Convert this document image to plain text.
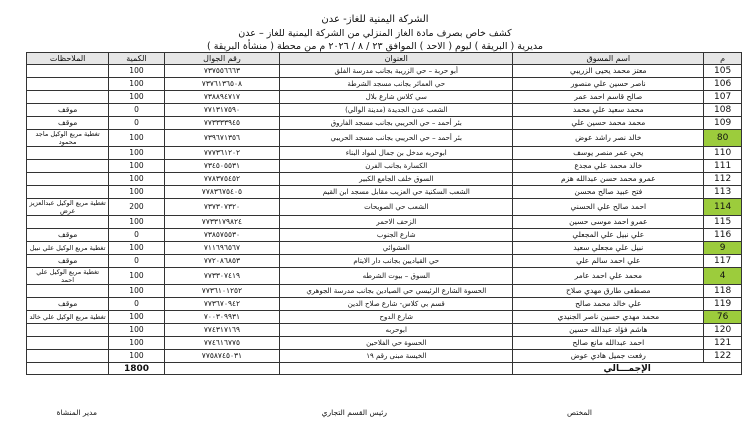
الشركة اليمنية للغاز- عدن
كشف خاص بصرف مادة الغاز المنزلي من الشركة اليمنية للغاز – عدن
مديرية ( البريقة ) ليوم ( الاحد ) الموافق ٢٣ / ٨ / ٢٠٢٦ م من محطة ( منشأة البريقة )
م	اسم المسوق	العنوان	رقم الجوال	الكمية	الملاحظات
105	معتز محمد يحيى الزريبي	أبو حربة – حي الزريبة بجانب مدرسة الفلق	٧٣٧٥٥٦٦٦٣	100	
106	ناصر حسين علي منصور	حي العمائر بجانب مسجد الشرطة	٧٣٧٦١٣٦٥٠٨	100	
107	صالح قاسم احمد عمر	سي كلاس شارع بلال	٧٣٨٨٩٤٧١٧	100	
108	محمد سعيد علي محمد	الشعب عدن الجديدة (مدينة الوالي)	٧٧١٣١٧٥٩٠	0	موقف
109	محمد محمد حسين علي	بئر أحمد – حي الحريبي بجانب مسجد الفاروق	٧٧٣٣٣٣٩٤٥	0	موقف
80	خالد نصر راشد عوض	بئر أحمد – حي الحريبي بجانب مسجد الحريبي	٧٣٩٦٧١٣٥٦	100	تغطية مربع الوكيل ماجد محمود
110	يحي عمر منصر يوسف	ابوحربه مدخل بن جمال لمواد البناء	٧٧٧٣٦١٢٠٢	100	
111	خالد محمد علي مجدع	الكسارة بجانب الفرن	٧٣٤٥٠٥٥٣١	100	
112	عمرو محمد حسن عبدالله هزم	السوق خلف الجامع الكبير	٧٧٨٣٧٥٤٥٢	100	
113	فتح عبيد صالح محسن	الشعب السكنية حي العزيب مقابل مسجد ابن القيم	٧٧٨٣٦٧٥٤٠٥	100	
114	احمد صالح علي الحسني	الشعب حي الصويحات	٧٣٧٣٠٧٣٢٠	200	تغطية مربع الوكيل عبدالعزيز عرض
115	عمرو احمد موسى حسين	الزحف الاحمر	٧٧٣٣١٧٩٨٢٤	100	
116	علي نبيل علي المجعلي	شارع الجنوب	٧٣٨٥٧٥٥٣٠	0	موقف
9	نبيل علي مجعلي سعيد	العشوائي	٧١١٦٩٦٥٦٧	100	تغطية مربع الوكيل علي نبيل
117	علي احمد سالم علي	حي القياديين بجانب دار الايتام	٧٧٢٠٨٦٨٥٣	0	موقف
4	محمد علي احمد عامر	السوق – بيوت الشرطه	٧٧٣٣٠٧٤١٩	100	تغطية مربع الوكيل علي احمد
118	مصطفى طارق مهدي صلاح	الحسوة الشارع الرئيسي حي الصيادين بجانب مدرسة الجوهري	٧٧٣٦١٠١٢٥٢	100	
119	علي خالد محمد صالح	قسم بي كلاس- شارع صلاح الدين	٧٧٣٦٧٠٩٤٢	0	موقف
76	محمد مهدي حسين ناصر الجنيدي	شارع الدوح	٧٠٠٣٠٩٩٣١	100	تغطية مربع الوكيل علي خالد
120	هاشم فؤاد عبدالله حسين	ابوحربه	٧٧٤٣١٧١٦٩	100	
121	احمد عبدالله مانع صالح	الحسوة حي الفلاحين	٧٧٤٦١٦٧٧٥	100	
122	رفعت جميل هادي عوض	الخيسة مبنى رقم ١٩	٧٧٥٨٧٤٥٠٣١	100	
الإجمـــالي				1800	
المختص
رئيس القسم التجاري
مدير المنشاة
